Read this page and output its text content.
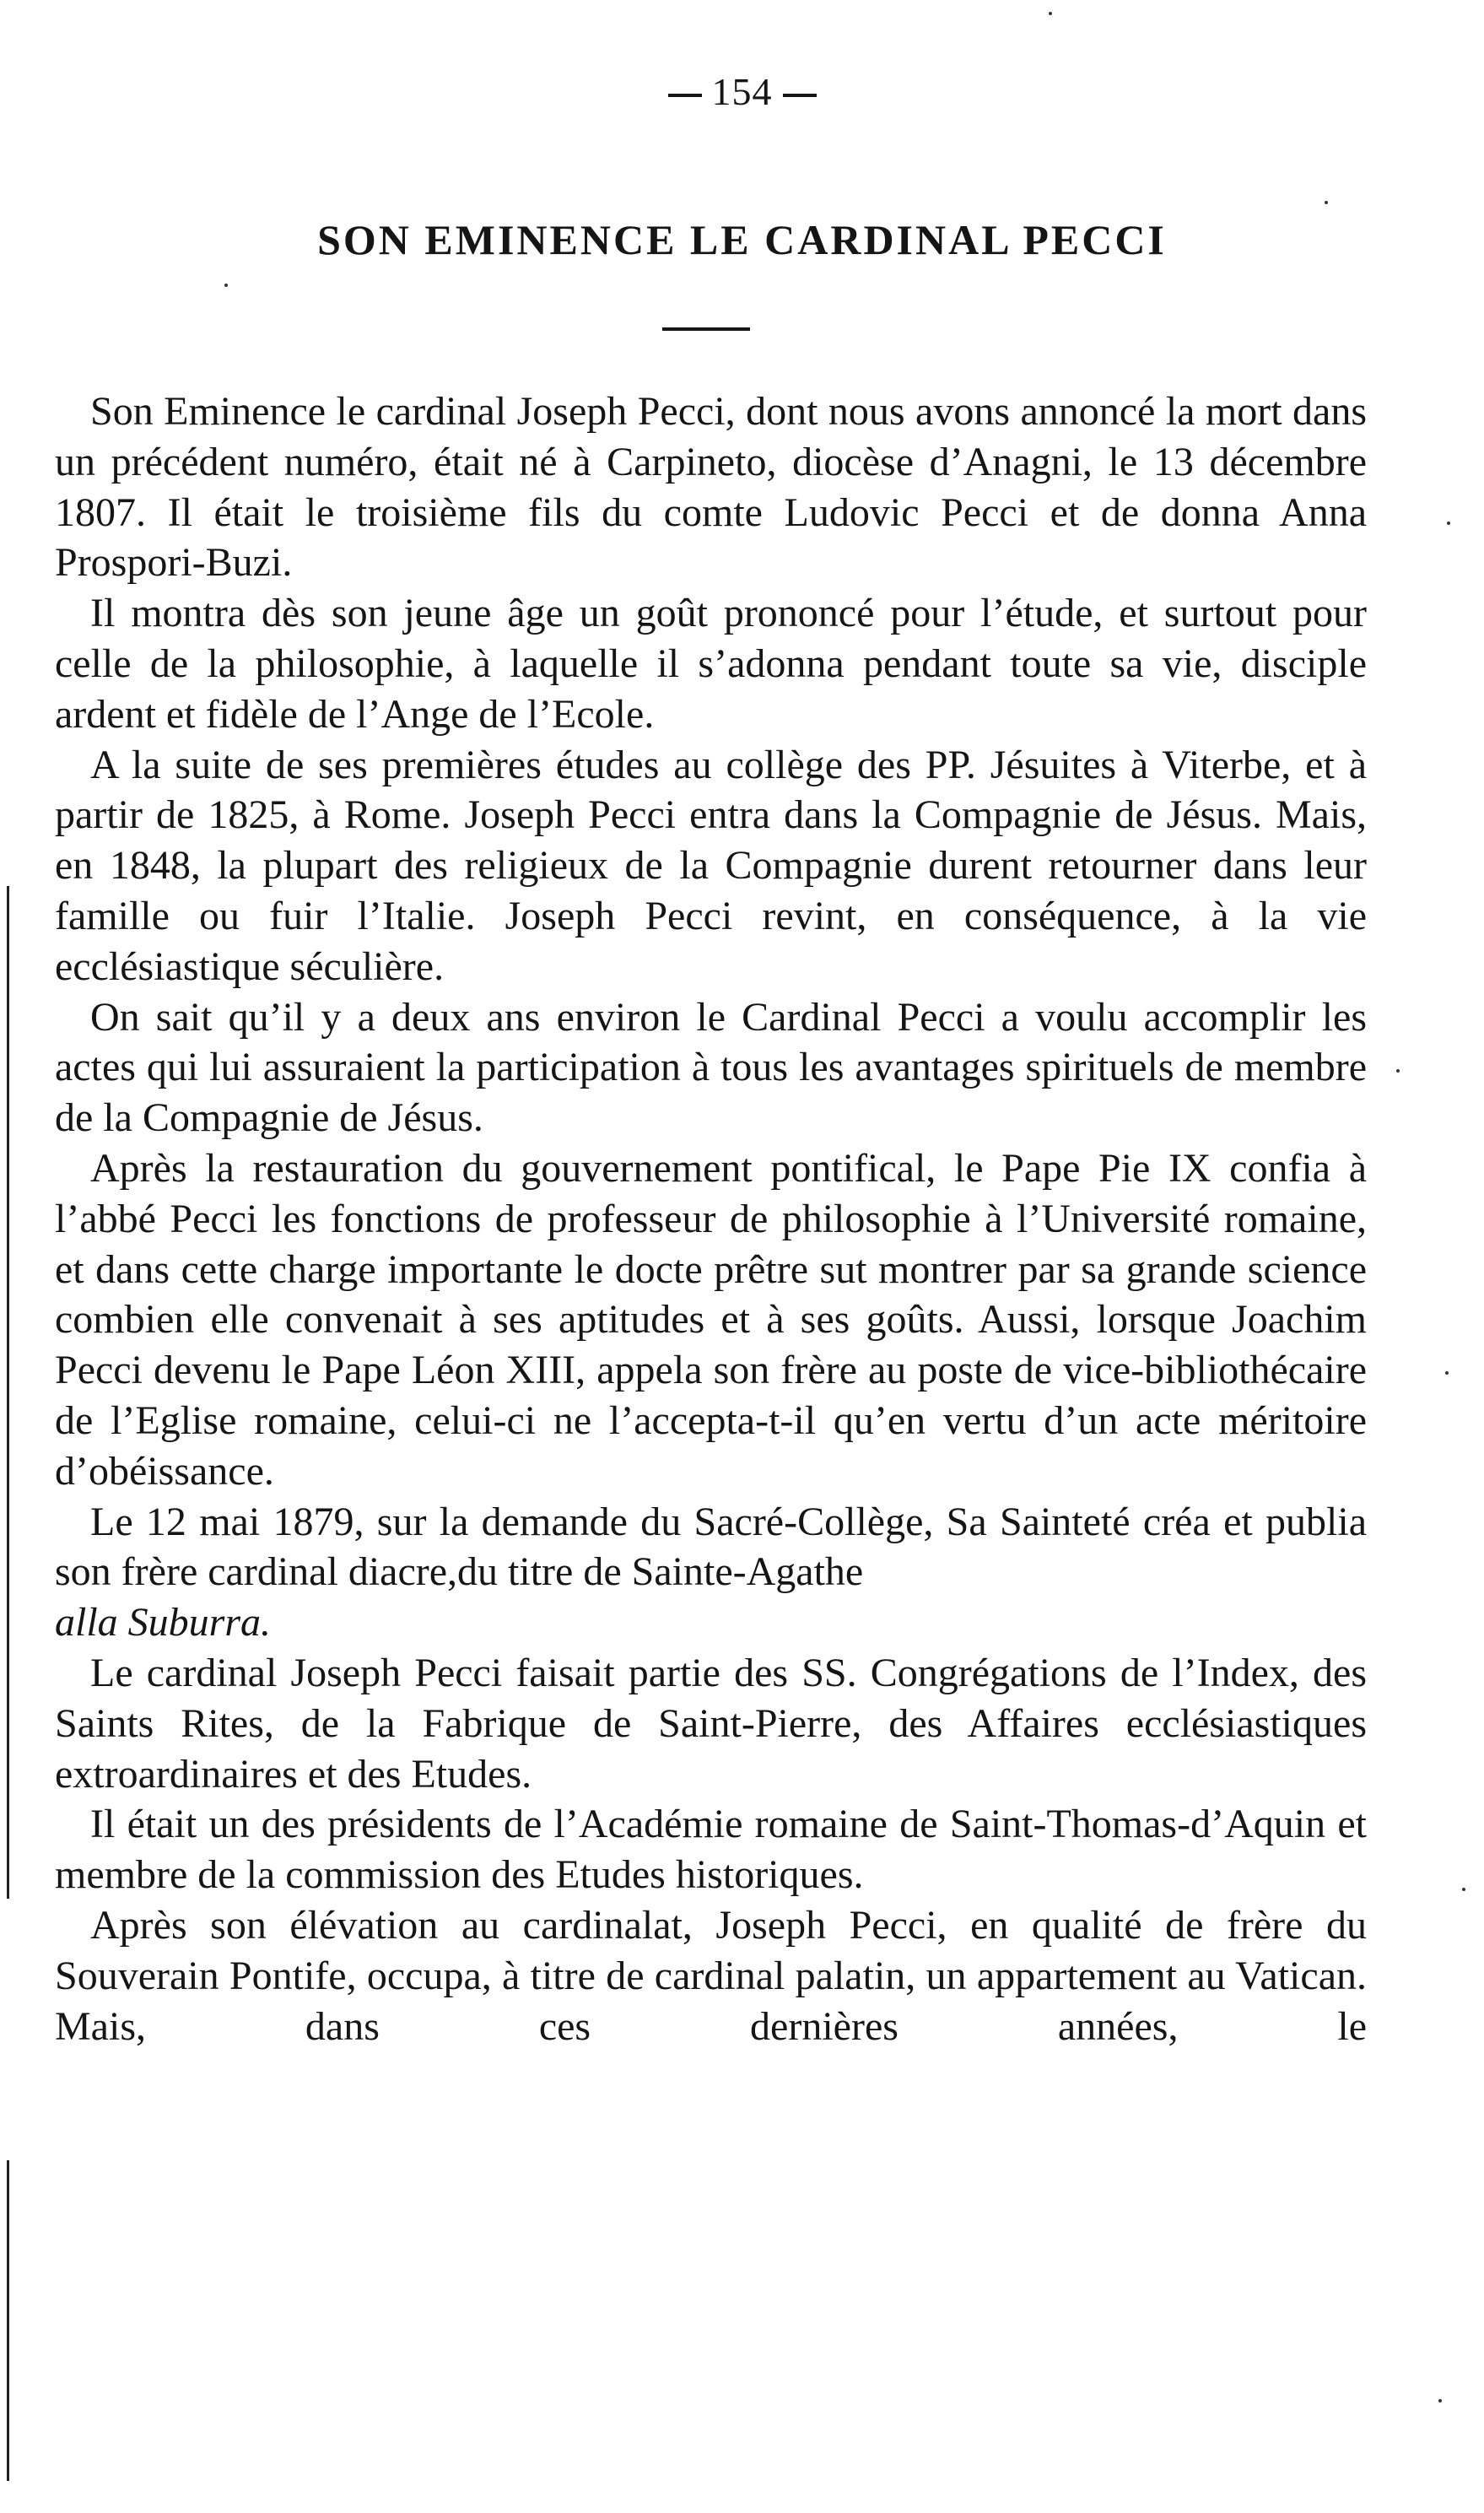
154
SON EMINENCE LE CARDINAL PECCI

Son Eminence le cardinal Joseph Pecci, dont nous avons annoncé la mort dans un précédent numéro, était né à Carpineto, diocèse d’Anagni, le 13 décembre 1807. Il était le troisième fils du comte Ludovic Pecci et de donna Anna Prospori-Buzi.

Il montra dès son jeune âge un goût prononcé pour l’étude, et surtout pour celle de la philosophie, à laquelle il s’adonna pendant toute sa vie, disciple ardent et fidèle de l’Ange de l’Ecole.

A la suite de ses premières études au collège des PP. Jésuites à Viterbe, et à partir de 1825, à Rome. Joseph Pecci entra dans la Compagnie de Jésus. Mais, en 1848, la plupart des religieux de la Compagnie durent retourner dans leur famille ou fuir l’Italie. Joseph Pecci revint, en conséquence, à la vie ecclésiastique séculière.

On sait qu’il y a deux ans environ le Cardinal Pecci a voulu accomplir les actes qui lui assuraient la participation à tous les avantages spirituels de membre de la Compagnie de Jésus.

Après la restauration du gouvernement pontifical, le Pape Pie IX confia à l’abbé Pecci les fonctions de professeur de philosophie à l’Université romaine, et dans cette charge importante le docte prêtre sut montrer par sa grande science combien elle convenait à ses aptitudes et à ses goûts. Aussi, lorsque Joachim Pecci devenu le Pape Léon XIII, appela son frère au poste de vice-bibliothécaire de l’Eglise romaine, celui-ci ne l’accepta-t-il qu’en vertu d’un acte méritoire d’obéissance.

Le 12 mai 1879, sur la demande du Sacré-Collège, Sa Sainteté créa et publia son frère cardinal diacre,du titre de Sainte-Agathe
alla Suburra.

Le cardinal Joseph Pecci faisait partie des SS. Congrégations de l’Index, des Saints Rites, de la Fabrique de Saint-Pierre, des Affaires ecclésiastiques extroardinaires et des Etudes.

Il était un des présidents de l’Académie romaine de Saint-Thomas-d’Aquin et membre de la commission des Etudes historiques.

Après son élévation au cardinalat, Joseph Pecci, en qualité de frère du Souverain Pontife, occupa, à titre de cardinal palatin, un appartement au Vatican. Mais, dans ces dernières années, le
